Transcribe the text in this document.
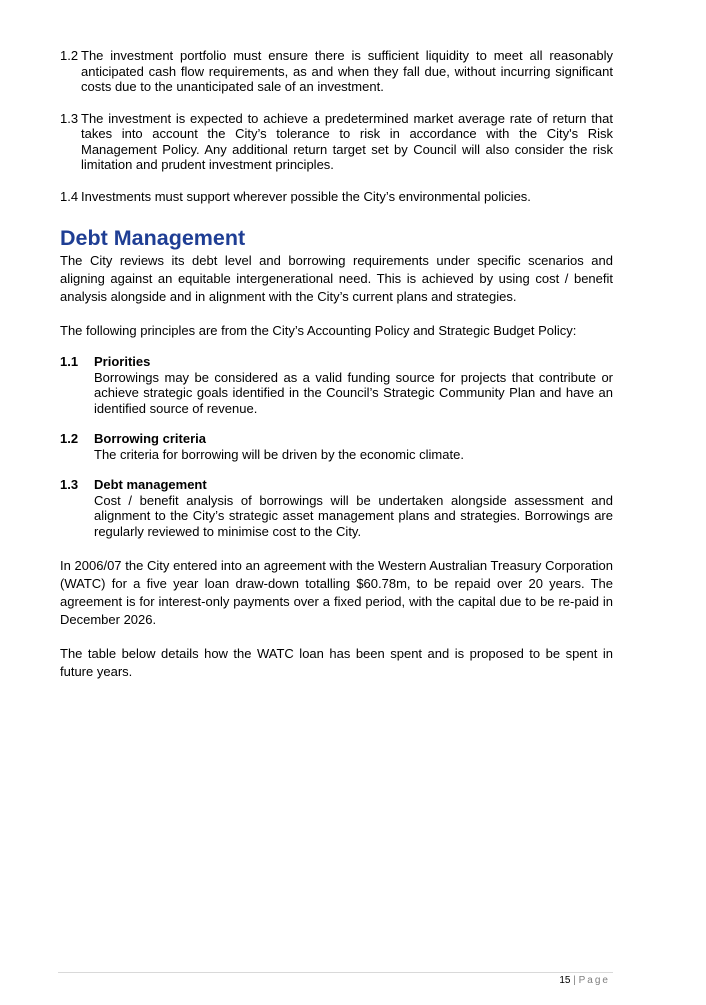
1.2 The investment portfolio must ensure there is sufficient liquidity to meet all reasonably anticipated cash flow requirements, as and when they fall due, without incurring significant costs due to the unanticipated sale of an investment.
1.3 The investment is expected to achieve a predetermined market average rate of return that takes into account the City’s tolerance to risk in accordance with the City's Risk Management Policy. Any additional return target set by Council will also consider the risk limitation and prudent investment principles.
1.4 Investments must support wherever possible the City’s environmental policies.
Debt Management

The City reviews its debt level and borrowing requirements under specific scenarios and aligning against an equitable intergenerational need. This is achieved by using cost / benefit analysis alongside and in alignment with the City’s current plans and strategies.

The following principles are from the City’s Accounting Policy and Strategic Budget Policy:

1.1 Priorities
Borrowings may be considered as a valid funding source for projects that contribute or achieve strategic goals identified in the Council’s Strategic Community Plan and have an identified source of revenue.
1.2 Borrowing criteria
The criteria for borrowing will be driven by the economic climate.
1.3 Debt management
Cost / benefit analysis of borrowings will be undertaken alongside assessment and alignment to the City’s strategic asset management plans and strategies. Borrowings are regularly reviewed to minimise cost to the City.

In 2006/07 the City entered into an agreement with the Western Australian Treasury Corporation (WATC) for a five year loan draw-down totalling $60.78m, to be repaid over 20 years. The agreement is for interest-only payments over a fixed period, with the capital due to be re-paid in December 2026.

The table below details how the WATC loan has been spent and is proposed to be spent in future years.

15 | Page
